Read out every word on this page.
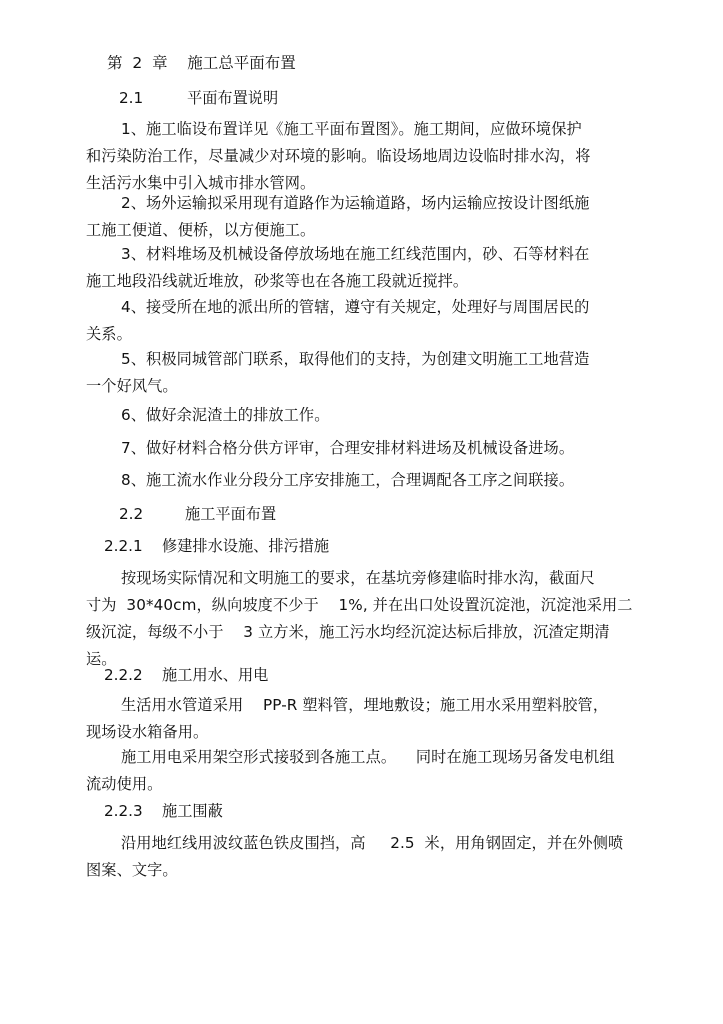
第  2  章    施工总平面布置

2.1	平面布置说明

1、施工临设布置详见《施工平面布置图》。施工期间，应做环境保护
和污染防治工作，尽量减少对环境的影响。临设场地周边设临时排水沟，将
生活污水集中引入城市排水管网。
2、场外运输拟采用现有道路作为运输道路，场内运输应按设计图纸施
工施工便道、便桥，以方便施工。
3、材料堆场及机械设备停放场地在施工红线范围内，砂、石等材料在
施工地段沿线就近堆放，砂浆等也在各施工段就近搅拌。
4、接受所在地的派出所的管辖，遵守有关规定，处理好与周围居民的
关系。
5、积极同城管部门联系，取得他们的支持，为创建文明施工工地营造
一个好风气。
6、做好余泥渣土的排放工作。
7、做好材料合格分供方评审，合理安排材料进场及机械设备进场。
8、施工流水作业分段分工序安排施工，合理调配各工序之间联接。

2.2	施工平面布置

2.2.1 修建排水设施、排污措施

按现场实际情况和文明施工的要求，在基坑旁修建临时排水沟，截面尺
寸为  30*40cm，纵向坡度不少于    1%, 并在出口处设置沉淀池，沉淀池采用二
级沉淀，每级不小于    3 立方米，施工污水均经沉淀达标后排放，沉渣定期清
运。

2.2.2 施工用水、用电

生活用水管道采用    PP-R 塑料管，埋地敷设；施工用水采用塑料胶管，
现场设水箱备用。
施工用电采用架空形式接驳到各施工点。    同时在施工现场另备发电机组
流动使用。

2.2.3 施工围蔽

沿用地红线用波纹蓝色铁皮围挡，高     2.5  米，用角钢固定，并在外侧喷
图案、文字。
